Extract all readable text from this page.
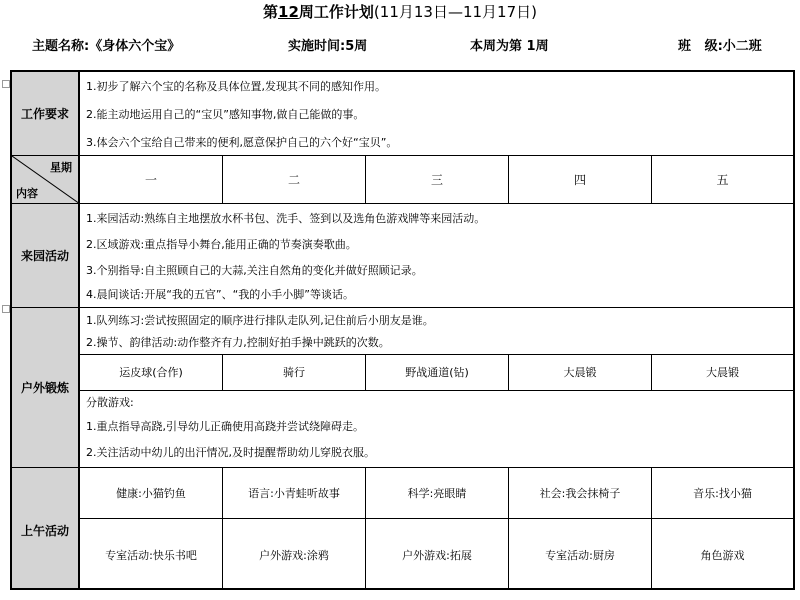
第12周工作计划(11月13日—11月17日)
主题名称:《身体六个宝》	实施时间:5周	本周为第 1周	班   级:小二班
工作要求
1.初步了解六个宝的名称及具体位置,发现其不同的感知作用。
2.能主动地运用自己的“宝贝”感知事物,做自己能做的事。
3.体会六个宝给自己带来的便利,愿意保护自己的六个好“宝贝”。
星期
内容
一	二	三	四	五
来园活动
1.来园活动:熟练自主地摆放水杯书包、洗手、签到以及选角色游戏牌等来园活动。
2.区域游戏:重点指导小舞台,能用正确的节奏演奏歌曲。
3.个别指导:自主照顾自己的大蒜,关注自然角的变化并做好照顾记录。
4.晨间谈话:开展“我的五官”、“我的小手小脚”等谈话。
户外锻炼
1.队列练习:尝试按照固定的顺序进行排队走队列,记住前后小朋友是谁。
2.操节、韵律活动:动作整齐有力,控制好拍手操中跳跃的次数。
运皮球(合作)	骑行	野战通道(钻)	大晨锻	大晨锻
分散游戏:
1.重点指导高跷,引导幼儿正确使用高跷并尝试绕障碍走。
2.关注活动中幼儿的出汗情况,及时提醒帮助幼儿穿脱衣服。
上午活动
健康:小猫钓鱼	语言:小青蛙听故事	科学:亮眼睛	社会:我会抹椅子	音乐:找小猫
专室活动:快乐书吧	户外游戏:涂鸦	户外游戏:拓展	专室活动:厨房	角色游戏
